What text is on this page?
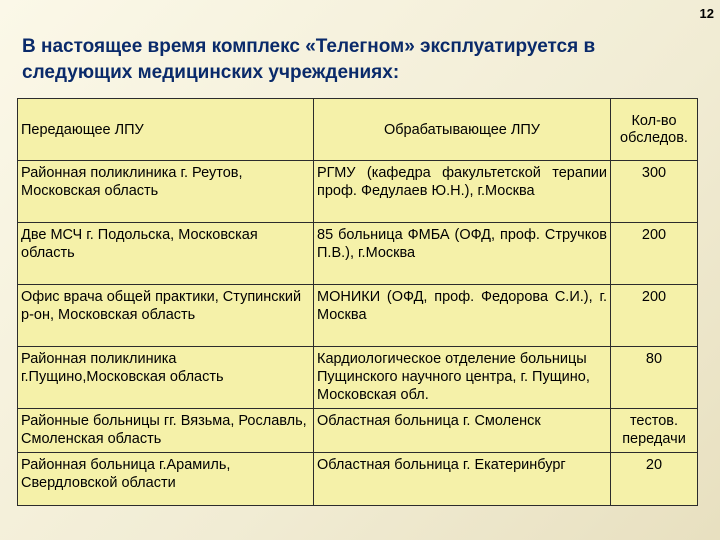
12
В настоящее время комплекс «Телегном» эксплуатируется в следующих медицинских учреждениях:
Передающее ЛПУ	Обрабатывающее ЛПУ	Кол-во обследов.
Районная поликлиника г. Реутов, Московская область	РГМУ (кафедра факультетской терапии проф. Федулаев Ю.Н.), г.Москва	300
Две МСЧ г. Подольска, Московская область	85 больница ФМБА (ОФД, проф. Стручков П.В.), г.Москва	200
Офис врача общей практики, Ступинский р-он, Московская область	МОНИКИ (ОФД, проф. Федорова С.И.), г. Москва	200
Районная поликлиника г.Пущино,Московская область	Кардиологическое отделение больницы Пущинского научного центра, г. Пущино, Московская обл.	80
Районные больницы гг. Вязьма, Рославль, Смоленская область	Областная больница г. Смоленск	тестов. передачи
Районная больница г.Арамиль, Свердловской области	Областная больница г. Екатеринбург	20
